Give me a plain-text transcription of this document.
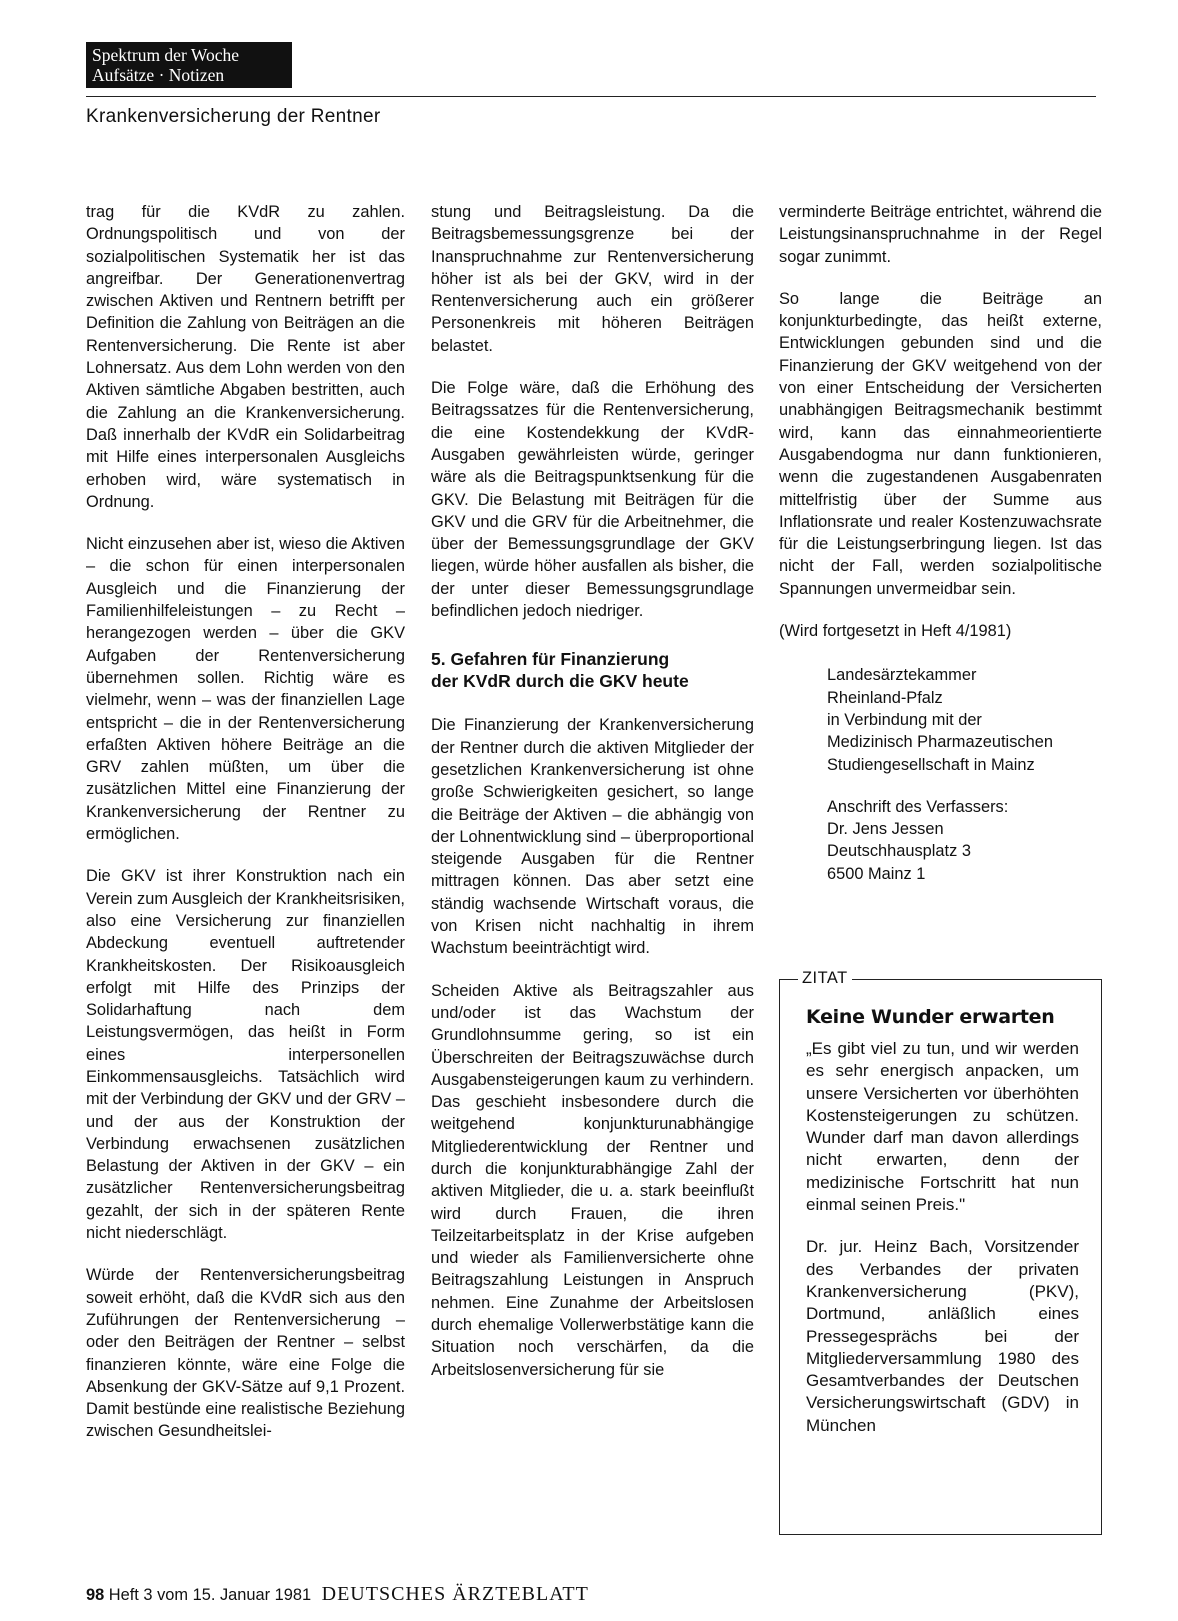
Spektrum der Woche
Aufsätze · Notizen
Krankenversicherung der Rentner

trag für die KVdR zu zahlen. Ordnungspolitisch und von der sozialpolitischen Systematik her ist das angreifbar. Der Generationenvertrag zwischen Aktiven und Rentnern betrifft per Definition die Zahlung von Beiträgen an die Rentenversicherung. Die Rente ist aber Lohnersatz. Aus dem Lohn werden von den Aktiven sämtliche Abgaben bestritten, auch die Zahlung an die Krankenversicherung. Daß innerhalb der KVdR ein Solidarbeitrag mit Hilfe eines interpersonalen Ausgleichs erhoben wird, wäre systematisch in Ordnung.

Nicht einzusehen aber ist, wieso die Aktiven – die schon für einen interpersonalen Ausgleich und die Finanzierung der Familienhilfeleistungen – zu Recht – herangezogen werden – über die GKV Aufgaben der Rentenversicherung übernehmen sollen. Richtig wäre es vielmehr, wenn – was der finanziellen Lage entspricht – die in der Rentenversicherung erfaßten Aktiven höhere Beiträge an die GRV zahlen müßten, um über die zusätzlichen Mittel eine Finanzierung der Krankenversicherung der Rentner zu ermöglichen.

Die GKV ist ihrer Konstruktion nach ein Verein zum Ausgleich der Krankheitsrisiken, also eine Versicherung zur finanziellen Abdeckung eventuell auftretender Krankheitskosten. Der Risikoausgleich erfolgt mit Hilfe des Prinzips der Solidarhaftung nach dem Leistungsvermögen, das heißt in Form eines interpersonellen Einkommensausgleichs. Tatsächlich wird mit der Verbindung der GKV und der GRV – und der aus der Konstruktion der Verbindung erwachsenen zusätzlichen Belastung der Aktiven in der GKV – ein zusätzlicher Rentenversicherungsbeitrag gezahlt, der sich in der späteren Rente nicht niederschlägt.

Würde der Rentenversicherungsbeitrag soweit erhöht, daß die KVdR sich aus den Zuführungen der Rentenversicherung – oder den Beiträgen der Rentner – selbst finanzieren könnte, wäre eine Folge die Absenkung der GKV-Sätze auf 9,1 Prozent. Damit bestünde eine realistische Beziehung zwischen Gesundheitslei-

stung und Beitragsleistung. Da die Beitragsbemessungsgrenze bei der Inanspruchnahme zur Rentenversicherung höher ist als bei der GKV, wird in der Rentenversicherung auch ein größerer Personenkreis mit höheren Beiträgen belastet.

Die Folge wäre, daß die Erhöhung des Beitragssatzes für die Rentenversicherung, die eine Kostendekkung der KVdR-Ausgaben gewährleisten würde, geringer wäre als die Beitragspunktsenkung für die GKV. Die Belastung mit Beiträgen für die GKV und die GRV für die Arbeitnehmer, die über der Bemessungsgrundlage der GKV liegen, würde höher ausfallen als bisher, die der unter dieser Bemessungsgrundlage befindlichen jedoch niedriger.

5. Gefahren für Finanzierung
der KVdR durch die GKV heute

Die Finanzierung der Krankenversicherung der Rentner durch die aktiven Mitglieder der gesetzlichen Krankenversicherung ist ohne große Schwierigkeiten gesichert, so lange die Beiträge der Aktiven – die abhängig von der Lohnentwicklung sind – überproportional steigende Ausgaben für die Rentner mittragen können. Das aber setzt eine ständig wachsende Wirtschaft voraus, die von Krisen nicht nachhaltig in ihrem Wachstum beeinträchtigt wird.

Scheiden Aktive als Beitragszahler aus und/oder ist das Wachstum der Grundlohnsumme gering, so ist ein Überschreiten der Beitragszuwächse durch Ausgabensteigerungen kaum zu verhindern. Das geschieht insbesondere durch die weitgehend konjunkturunabhängige Mitgliederentwicklung der Rentner und durch die konjunkturabhängige Zahl der aktiven Mitglieder, die u. a. stark beeinflußt wird durch Frauen, die ihren Teilzeitarbeitsplatz in der Krise aufgeben und wieder als Familienversicherte ohne Beitragszahlung Leistungen in Anspruch nehmen. Eine Zunahme der Arbeitslosen durch ehemalige Vollerwerbstätige kann die Situation noch verschärfen, da die Arbeitslosenversicherung für sie

verminderte Beiträge entrichtet, während die Leistungsinanspruchnahme in der Regel sogar zunimmt.

So lange die Beiträge an konjunkturbedingte, das heißt externe, Entwicklungen gebunden sind und die Finanzierung der GKV weitgehend von der von einer Entscheidung der Versicherten unabhängigen Beitragsmechanik bestimmt wird, kann das einnahmeorientierte Ausgabendogma nur dann funktionieren, wenn die zugestandenen Ausgabenraten mittelfristig über der Summe aus Inflationsrate und realer Kostenzuwachsrate für die Leistungserbringung liegen. Ist das nicht der Fall, werden sozialpolitische Spannungen unvermeidbar sein.

(Wird fortgesetzt in Heft 4/1981)
Landesärztekammer
Rheinland-Pfalz
in Verbindung mit der
Medizinisch Pharmazeutischen
Studiengesellschaft in Mainz
Anschrift des Verfassers:
Dr. Jens Jessen
Deutschhausplatz 3
6500 Mainz 1
ZITAT
Keine Wunder erwarten

„Es gibt viel zu tun, und wir werden es sehr energisch anpacken, um unsere Versicherten vor überhöhten Kostensteigerungen zu schützen. Wunder darf man davon allerdings nicht erwarten, denn der medizinische Fortschritt hat nun einmal seinen Preis."

Dr. jur. Heinz Bach, Vorsitzender des Verbandes der privaten Krankenversicherung (PKV), Dortmund, anläßlich eines Pressegesprächs bei der Mitgliederversammlung 1980 des Gesamtverbandes der Deutschen Versicherungswirtschaft (GDV) in München

98 Heft 3 vom 15. Januar 1981 DEUTSCHES ÄRZTEBLATT
